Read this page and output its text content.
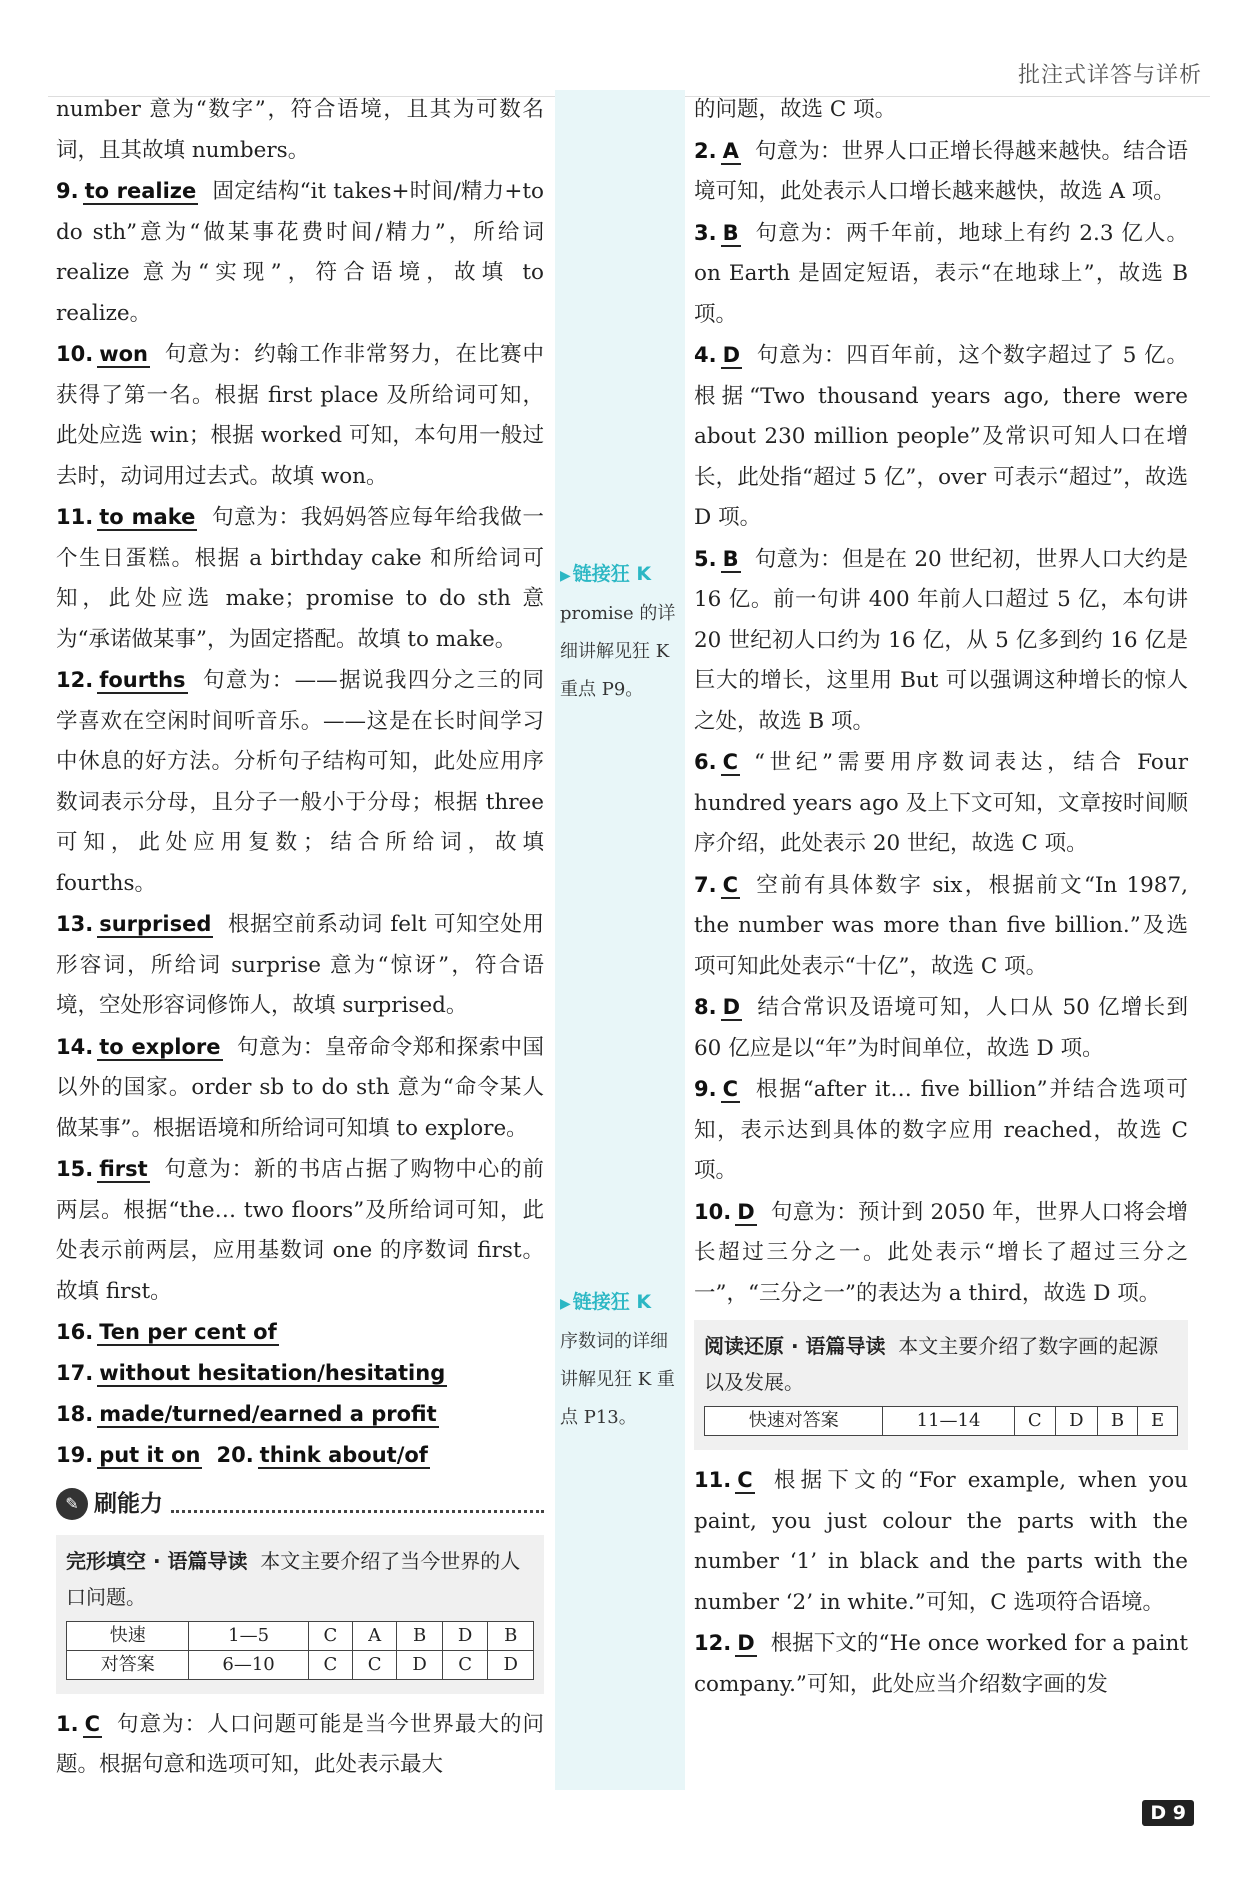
批注式详答与详析

number 意为“数字”，符合语境，且其为可数名词，且其故填 numbers。

9. to realize 固定结构“it takes+时间/精力+to do sth”意为“做某事花费时间/精力”，所给词 realize 意为“实现”，符合语境，故填 to realize。

10. won 句意为：约翰工作非常努力，在比赛中获得了第一名。根据 first place 及所给词可知，此处应选 win；根据 worked 可知，本句用一般过去时，动词用过去式。故填 won。

11. to make 句意为：我妈妈答应每年给我做一个生日蛋糕。根据 a birthday cake 和所给词可知，此处应选 make；promise to do sth 意为“承诺做某事”，为固定搭配。故填 to make。

12. fourths 句意为：——据说我四分之三的同学喜欢在空闲时间听音乐。——这是在长时间学习中休息的好方法。分析句子结构可知，此处应用序数词表示分母，且分子一般小于分母；根据 three 可知，此处应用复数；结合所给词，故填 fourths。

13. surprised 根据空前系动词 felt 可知空处用形容词，所给词 surprise 意为“惊讶”，符合语境，空处形容词修饰人，故填 surprised。

14. to explore 句意为：皇帝命令郑和探索中国以外的国家。order sb to do sth 意为“命令某人做某事”。根据语境和所给词可知填 to explore。

15. first 句意为：新的书店占据了购物中心的前两层。根据“the… two floors”及所给词可知，此处表示前两层，应用基数词 one 的序数词 first。故填 first。

16. Ten per cent of

17. without hesitation/hesitating

18. made/turned/earned a profit

19. put it on 20. think about/of

✎ 刷能力

完形填空 · 语篇导读 本文主要介绍了当今世界的人口问题。

快速	1—5	C	A	B	D	B
对答案	6—10	C	C	D	C	D

1. C 句意为：人口问题可能是当今世界最大的问题。根据句意和选项可知，此处表示最大

▶ 链接狂 K
promise 的详细讲解见狂 K 重点 P9。
▶ 链接狂 K
序数词的详细讲解见狂 K 重点 P13。

的问题，故选 C 项。

2. A 句意为：世界人口正增长得越来越快。结合语境可知，此处表示人口增长越来越快，故选 A 项。

3. B 句意为：两千年前，地球上有约 2.3 亿人。on Earth 是固定短语，表示“在地球上”，故选 B 项。

4. D 句意为：四百年前，这个数字超过了 5 亿。根据“Two thousand years ago, there were about 230 million people”及常识可知人口在增长，此处指“超过 5 亿”，over 可表示“超过”，故选 D 项。

5. B 句意为：但是在 20 世纪初，世界人口大约是 16 亿。前一句讲 400 年前人口超过 5 亿，本句讲 20 世纪初人口约为 16 亿，从 5 亿多到约 16 亿是巨大的增长，这里用 But 可以强调这种增长的惊人之处，故选 B 项。

6. C “世纪”需要用序数词表达，结合 Four hundred years ago 及上下文可知，文章按时间顺序介绍，此处表示 20 世纪，故选 C 项。

7. C 空前有具体数字 six，根据前文“In 1987, the number was more than five billion.”及选项可知此处表示“十亿”，故选 C 项。

8. D 结合常识及语境可知，人口从 50 亿增长到 60 亿应是以“年”为时间单位，故选 D 项。

9. C 根据“after it… five billion”并结合选项可知，表示达到具体的数字应用 reached，故选 C 项。

10. D 句意为：预计到 2050 年，世界人口将会增长超过三分之一。此处表示“增长了超过三分之一”，“三分之一”的表达为 a third，故选 D 项。

阅读还原 · 语篇导读 本文主要介绍了数字画的起源以及发展。

快速对答案	11—14	C	D	B	E

11. C 根据下文的“For example, when you paint, you just colour the parts with the number ‘1’ in black and the parts with the number ‘2’ in white.”可知，C 选项符合语境。

12. D 根据下文的“He once worked for a paint company.”可知，此处应当介绍数字画的发

D 9
